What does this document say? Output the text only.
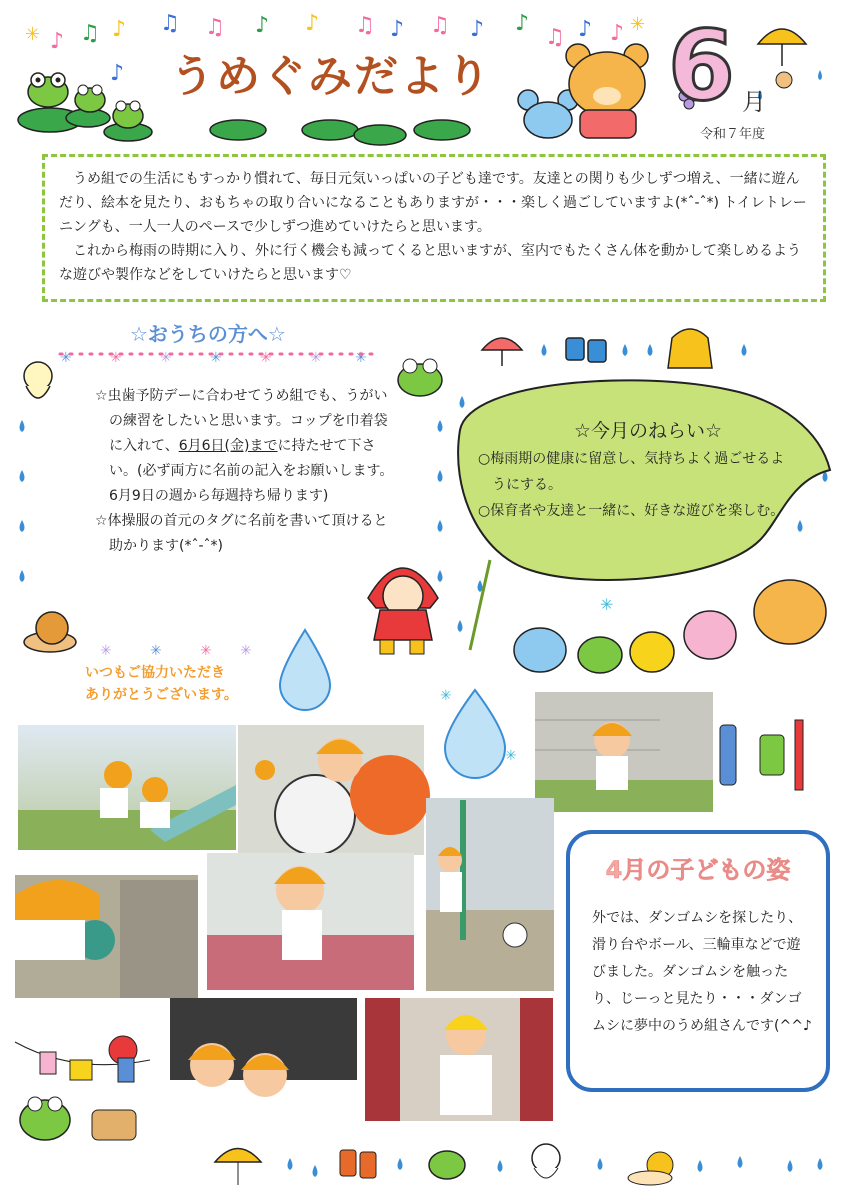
♪ ♫ ♪ ♫ ♫ ♪ ♪ ♫ ♪ ♫ ♪ ♪
♫ ♪ ♪
♪
✳	✳
うめぐみだより 6 月
令和７年度

うめ組での生活にもすっかり慣れて、毎日元気いっぱいの子ども達です。友達との関りも少しずつ増え、一緒に遊んだり、絵本を見たり、おもちゃの取り合いになることもありますが・・・楽しく過ごしていますよ(*ˆ-ˆ*) トイレトレーニングも、一人一人のペースで少しずつ進めていけたらと思います。

これから梅雨の時期に入り、外に行く機会も減ってくると思いますが、室内でもたくさん体を動かして楽しめるような遊びや製作などをしていけたらと思います♡

☆おうちの方へ☆
✳	✳	✳	✳	✳	✳ ✳
✳	✳	✳ ✳
☆虫歯予防デーに合わせてうめ組でも、うがいの練習をしたいと思います。コップを巾着袋に入れて、6月6日(金)までに持たせて下さい。(必ず両方に名前の記入をお願いします。6月9日の週から毎週持ち帰ります)
☆体操服の首元のタグに名前を書いて頂けると助かります(*ˆ-ˆ*)
いつもご協力いただき
ありがとうございます。
✳
☆今月のねらい☆
○梅雨期の健康に留意し、気持ちよく過ごせるようにする。
○保育者や友達と一緒に、好きな遊びを楽しむ。
✳
✳
4月の子どもの姿
外では、ダンゴムシを探したり、滑り台やボール、三輪車などで遊びました。ダンゴムシを触ったり、じーっと見たり・・・ダンゴムシに夢中のうめ組さんです(^^♪
